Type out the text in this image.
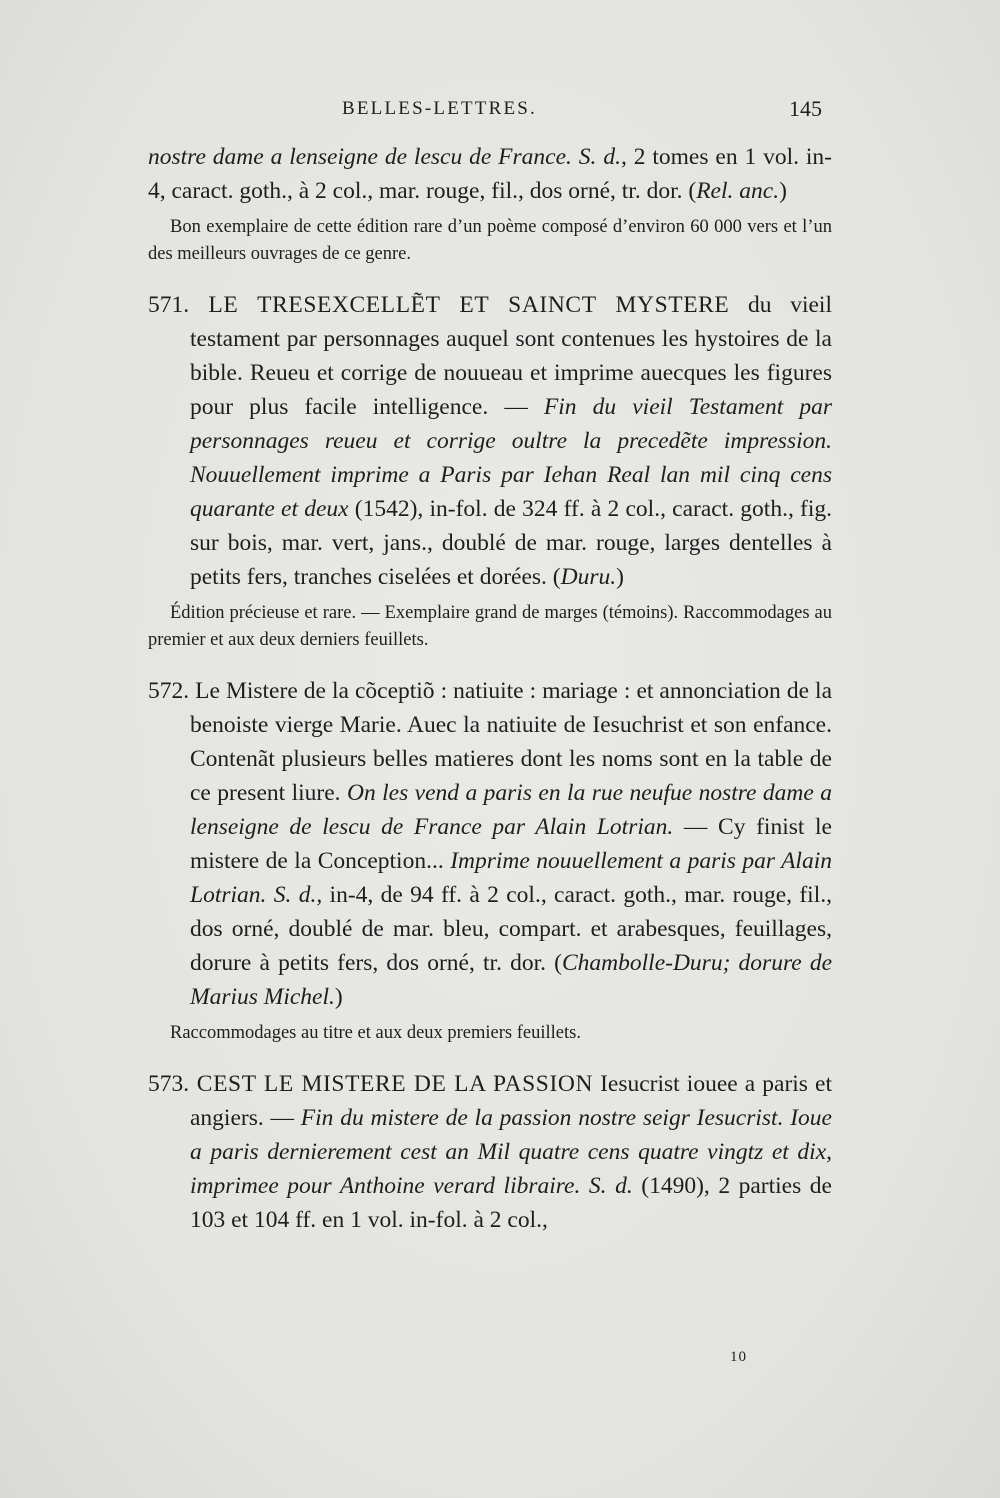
BELLES-LETTRES.	145

nostre dame a lenseigne de lescu de France. S. d., 2 tomes en 1 vol. in-4, caract. goth., à 2 col., mar. rouge, fil., dos orné, tr. dor. (Rel. anc.)

Bon exemplaire de cette édition rare d’un poème composé d’environ 60 000 vers et l’un des meilleurs ouvrages de ce genre.

571. LE TRESEXCELLẼT ET SAINCT MYSTERE du vieil testament par personnages auquel sont contenues les hystoires de la bible. Reueu et corrige de nouueau et imprime auecques les figures pour plus facile intelligence. — Fin du vieil Testament par personnages reueu et corrige oultre la precedẽte impression. Nouuellement imprime a Paris par Iehan Real lan mil cinq cens quarante et deux (1542), in-fol. de 324 ff. à 2 col., caract. goth., fig. sur bois, mar. vert, jans., doublé de mar. rouge, larges dentelles à petits fers, tranches ciselées et dorées. (Duru.)

Édition précieuse et rare. — Exemplaire grand de marges (témoins). Raccommodages au premier et aux deux derniers feuillets.

572. Le Mistere de la cõceptiõ : natiuite : mariage : et annonciation de la benoiste vierge Marie. Auec la natiuite de Iesuchrist et son enfance. Contenãt plusieurs belles matieres dont les noms sont en la table de ce present liure. On les vend a paris en la rue neufue nostre dame a lenseigne de lescu de France par Alain Lotrian. — Cy finist le mistere de la Conception... Imprime nouuellement a paris par Alain Lotrian. S. d., in-4, de 94 ff. à 2 col., caract. goth., mar. rouge, fil., dos orné, doublé de mar. bleu, compart. et arabesques, feuillages, dorure à petits fers, dos orné, tr. dor. (Chambolle-Duru; dorure de Marius Michel.)

Raccommodages au titre et aux deux premiers feuillets.

573. CEST LE MISTERE DE LA PASSION Iesucrist iouee a paris et angiers. — Fin du mistere de la passion nostre seigr Iesucrist. Ioue a paris dernierement cest an Mil quatre cens quatre vingtz et dix, imprimee pour Anthoine verard libraire. S. d. (1490), 2 parties de 103 et 104 ff. en 1 vol. in-fol. à 2 col.,

10
